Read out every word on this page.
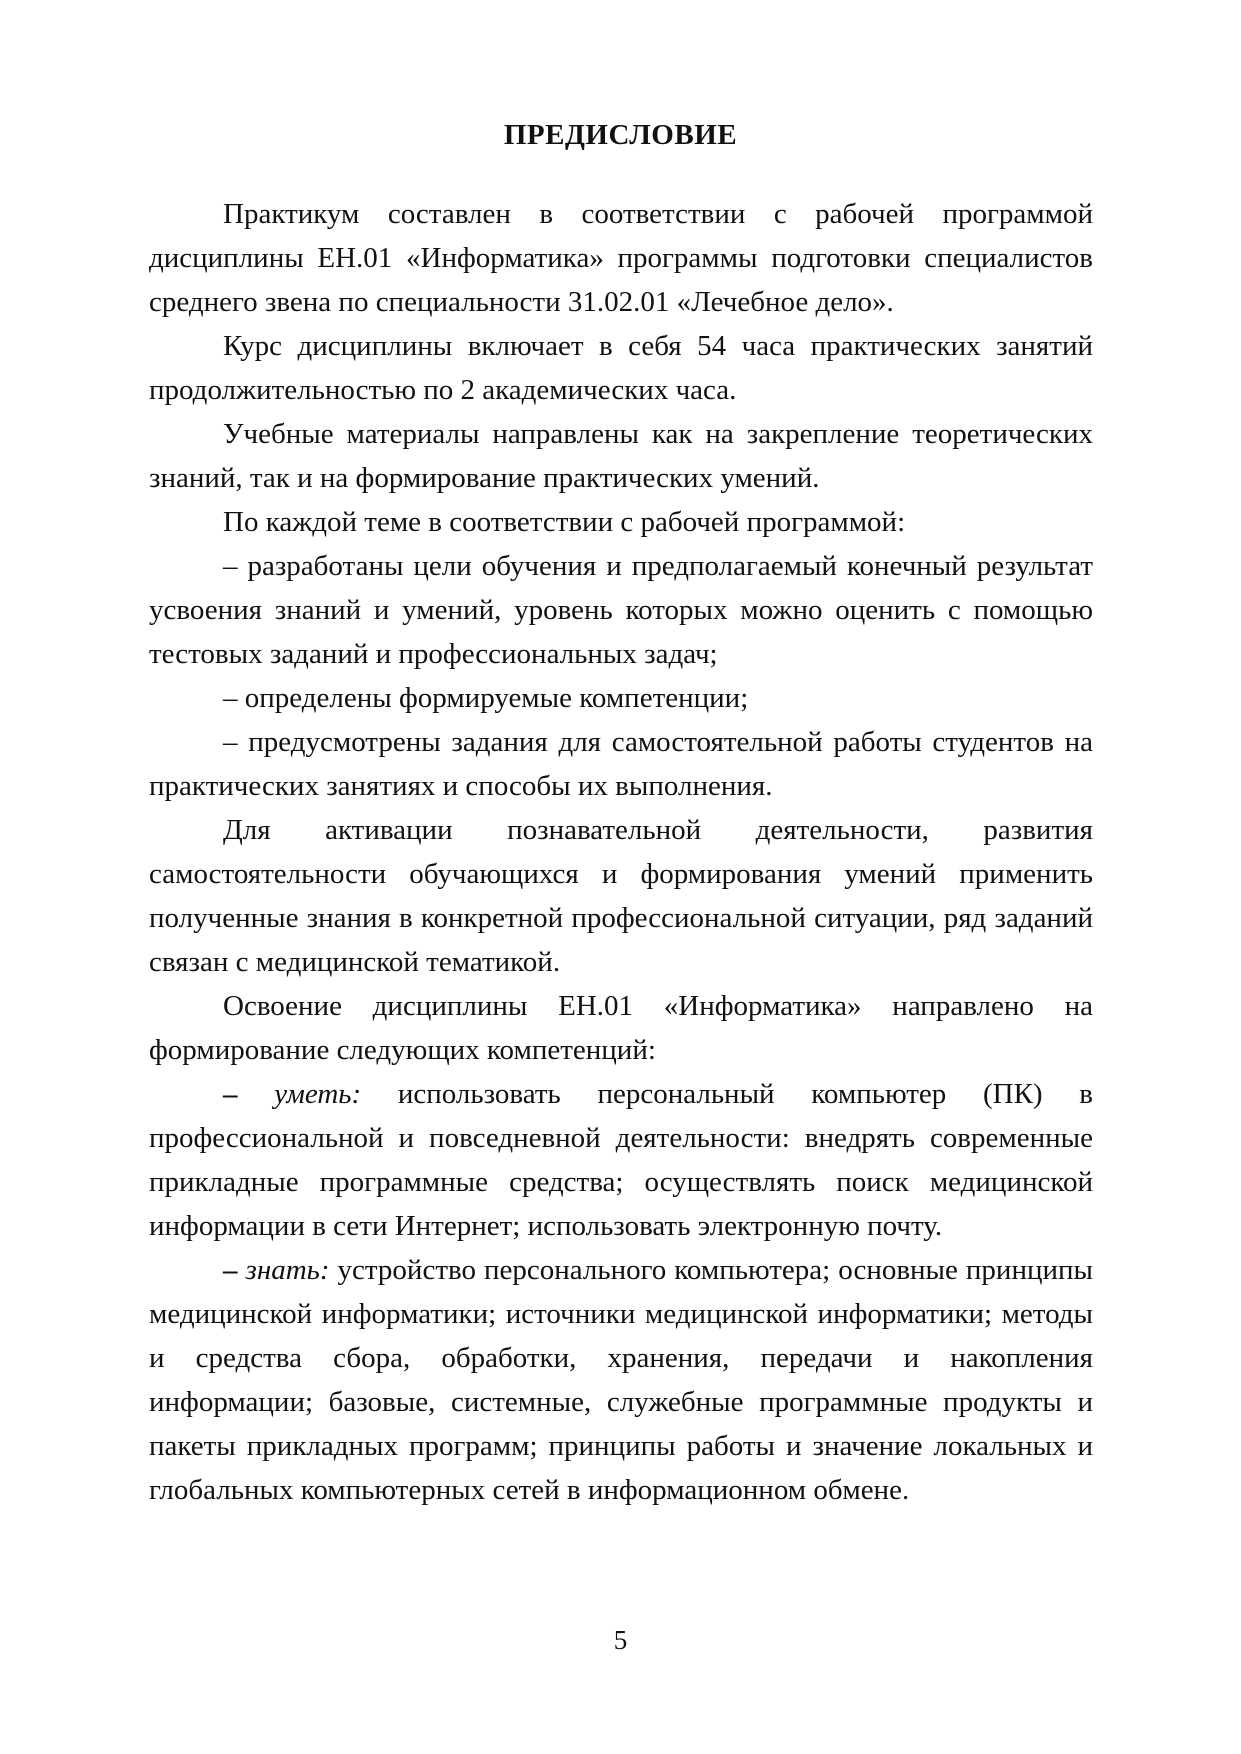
ПРЕДИСЛОВИЕ

Практикум составлен в соответствии с рабочей программой дисциплины ЕН.01 «Информатика» программы подготовки специалистов среднего звена по специальности 31.02.01 «Лечебное дело».

Курс дисциплины включает в себя 54 часа практических занятий продолжительностью по 2 академических часа.

Учебные материалы направлены как на закрепление теоретических знаний, так и на формирование практических умений.

По каждой теме в соответствии с рабочей программой:

– разработаны цели обучения и предполагаемый конечный результат усвоения знаний и умений, уровень которых можно оценить с помощью тестовых заданий и профессиональных задач;

– определены формируемые компетенции;

– предусмотрены задания для самостоятельной работы студентов на практических занятиях и способы их выполнения.

Для активации познавательной деятельности, развития самостоятельности обучающихся и формирования умений применить полученные знания в конкретной профессиональной ситуации, ряд заданий связан с медицинской тематикой.

Освоение дисциплины ЕН.01 «Информатика» направлено на формирование следующих компетенций:

– уметь: использовать персональный компьютер (ПК) в профессиональной и повседневной деятельности: внедрять современные прикладные программные средства; осуществлять поиск медицинской информации в сети Интернет; использовать электронную почту.

– знать: устройство персонального компьютера; основные принципы медицинской информатики; источники медицинской информатики; методы и средства сбора, обработки, хранения, передачи и накопления информации; базовые, системные, служебные программные продукты и пакеты прикладных программ; принципы работы и значение локальных и глобальных компьютерных сетей в информационном обмене.

5
